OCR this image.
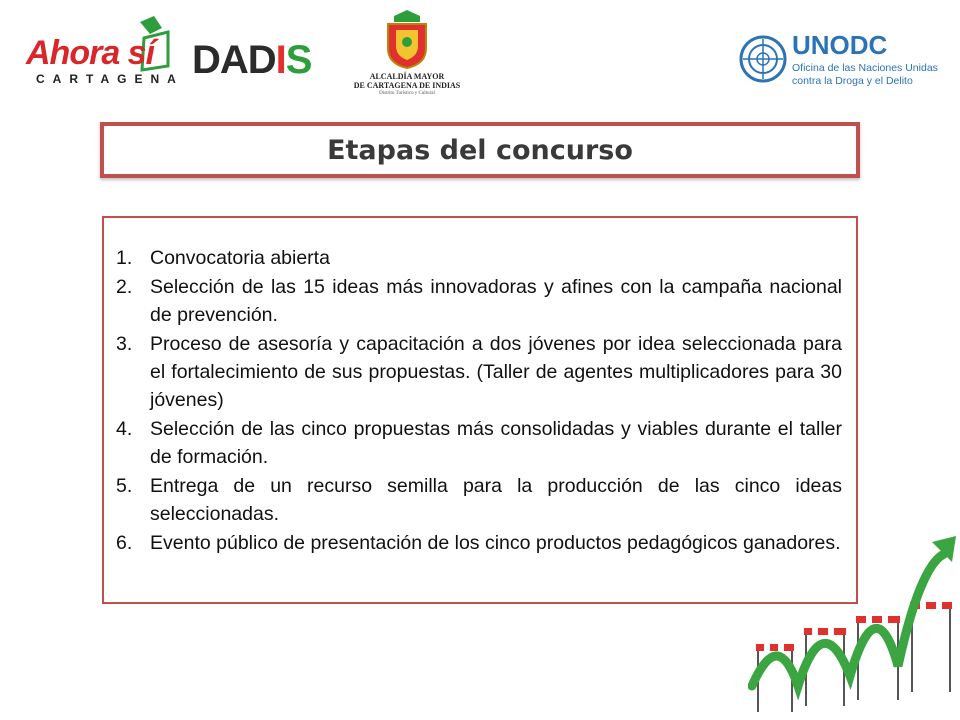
Ahora sí
CARTAGENA DADIS	ALCALDÍA MAYOR
DE CARTAGENA DE INDIAS
Distrito Turístico y Cultural
UNODC
Oficina de las Naciones Unidas
contra la Droga y el Delito
Etapas del concurso
1. Convocatoria abierta
2. Selección de las 15 ideas más innovadoras y afines con la campaña nacional de prevención.
3. Proceso de asesoría y capacitación a dos jóvenes por idea seleccionada para el fortalecimiento de sus propuestas. (Taller de agentes multiplicadores para 30 jóvenes)
4. Selección de las cinco propuestas más consolidadas y viables durante el taller de formación.
5. Entrega de un recurso semilla para la producción de las cinco ideas seleccionadas.
6. Evento público de presentación de los cinco productos pedagógicos ganadores.
